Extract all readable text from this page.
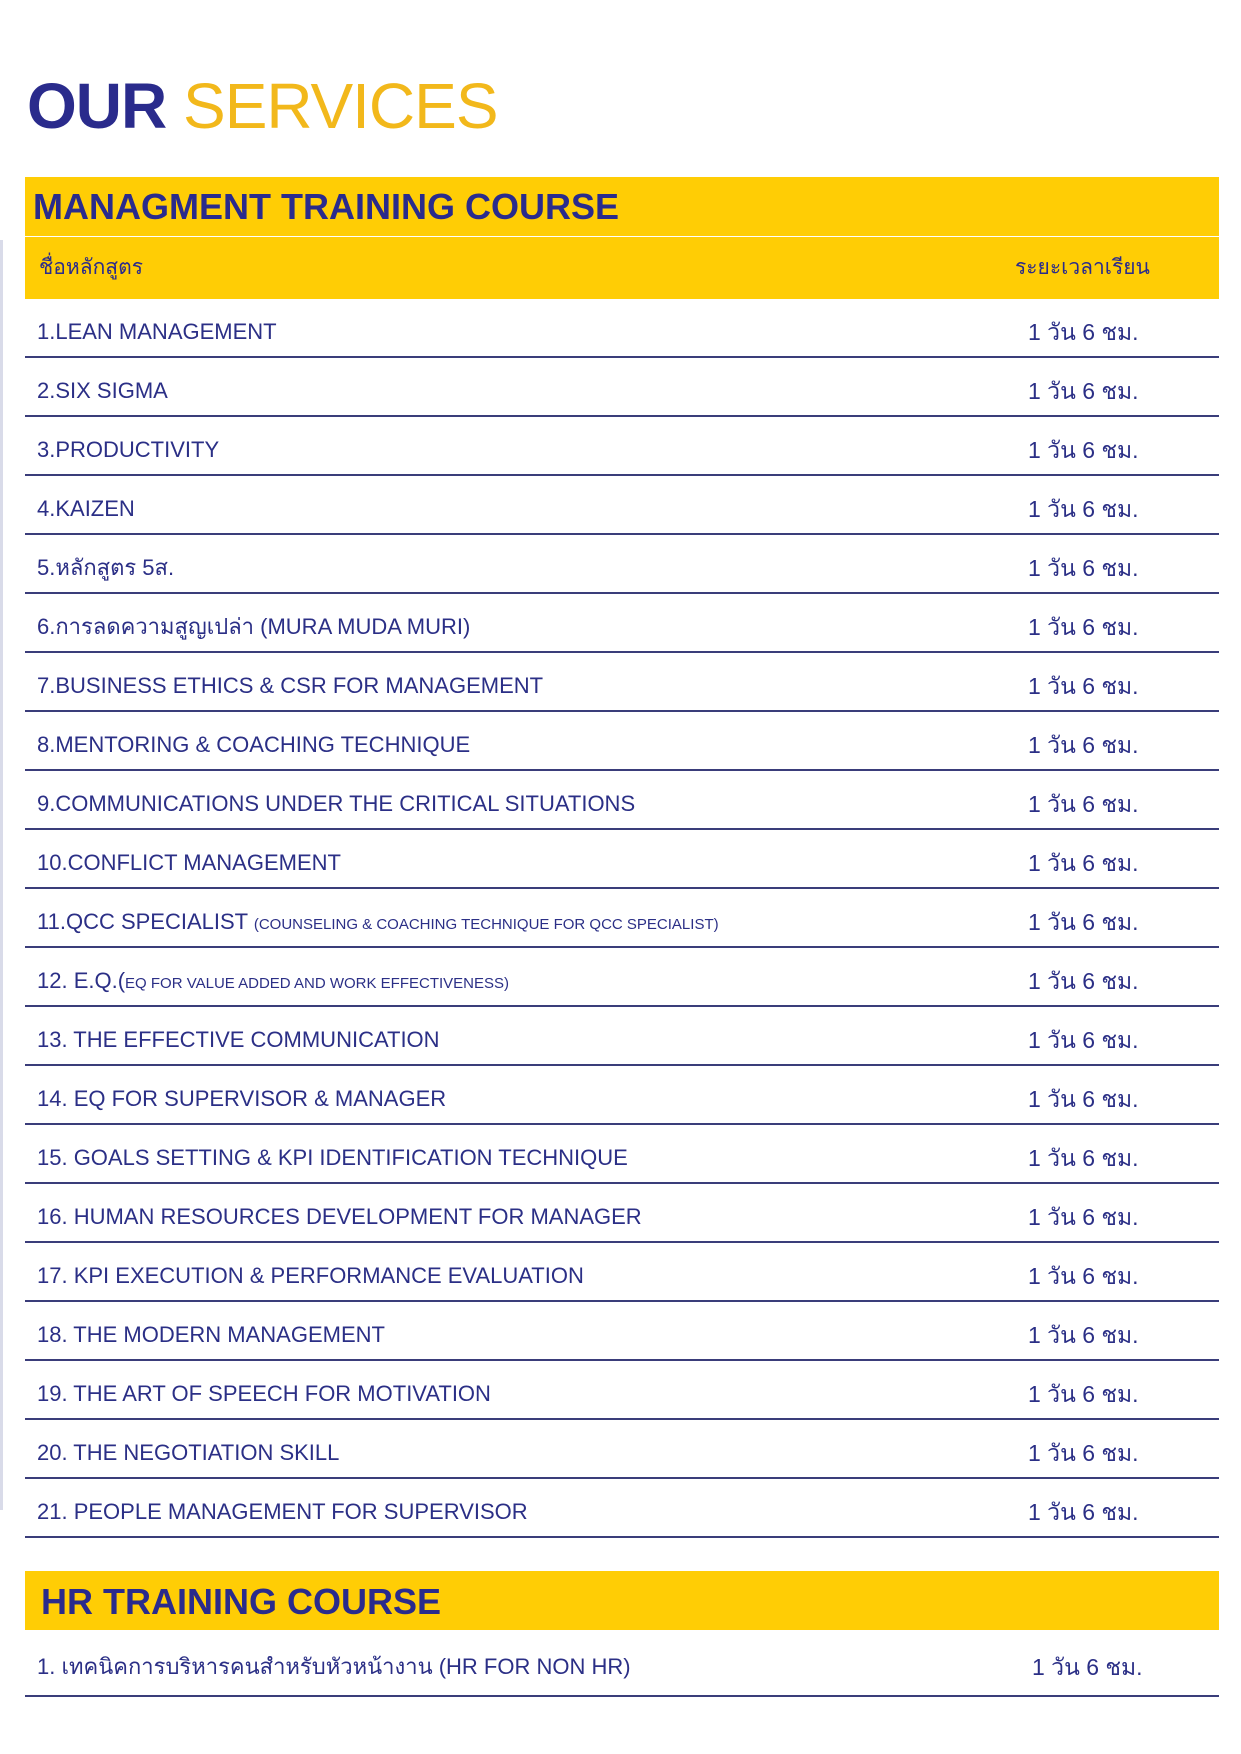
OUR SERVICES
MANAGMENT TRAINING COURSE
ชื่อหลักสูตร	ระยะเวลาเรียน
1.LEAN MANAGEMENT	1 วัน 6 ชม.
2.SIX SIGMA	1 วัน 6 ชม.
3.PRODUCTIVITY	1 วัน 6 ชม.
4.KAIZEN	1 วัน 6 ชม.
5.หลักสูตร 5ส.	1 วัน 6 ชม.
6.การลดความสูญเปล่า (MURA MUDA MURI)	1 วัน 6 ชม.
7.BUSINESS ETHICS & CSR FOR MANAGEMENT	1 วัน 6 ชม.
8.MENTORING & COACHING TECHNIQUE	1 วัน 6 ชม.
9.COMMUNICATIONS UNDER THE CRITICAL SITUATIONS	1 วัน 6 ชม.
10.CONFLICT MANAGEMENT	1 วัน 6 ชม.
11.QCC SPECIALIST (COUNSELING & COACHING TECHNIQUE FOR QCC SPECIALIST)	1 วัน 6 ชม.
12. E.Q.(EQ FOR VALUE ADDED AND WORK EFFECTIVENESS)	1 วัน 6 ชม.
13. THE EFFECTIVE COMMUNICATION	1 วัน 6 ชม.
14. EQ FOR SUPERVISOR & MANAGER	1 วัน 6 ชม.
15. GOALS SETTING & KPI IDENTIFICATION TECHNIQUE	1 วัน 6 ชม.
16. HUMAN RESOURCES DEVELOPMENT FOR MANAGER	1 วัน 6 ชม.
17. KPI EXECUTION & PERFORMANCE EVALUATION	1 วัน 6 ชม.
18. THE MODERN MANAGEMENT	1 วัน 6 ชม.
19. THE ART OF SPEECH FOR MOTIVATION	1 วัน 6 ชม.
20. THE NEGOTIATION SKILL	1 วัน 6 ชม.
21. PEOPLE MANAGEMENT FOR SUPERVISOR	1 วัน 6 ชม.
HR TRAINING COURSE
1. เทคนิคการบริหารคนสำหรับหัวหน้างาน (HR FOR NON HR)	1 วัน 6 ชม.
